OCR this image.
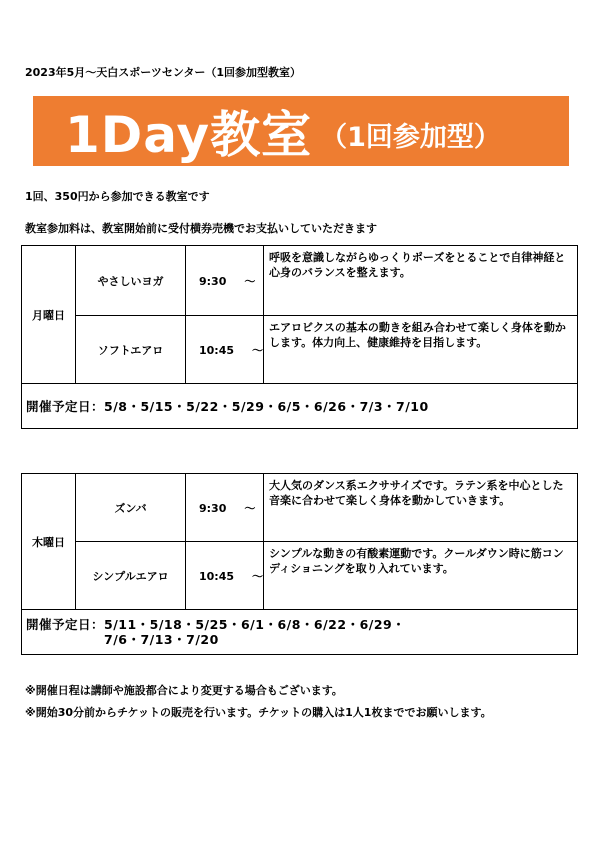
2023年5月～天白スポーツセンター（1回参加型教室）
1Day教室 （1回参加型）
1回、350円から参加できる教室です
教室参加料は、教室開始前に受付横券売機でお支払いしていただきます
月曜日	やさしいヨガ	9:30 ～	呼吸を意識しながらゆっくりポーズをとることで自律神経と心身のバランスを整えます。
	ソフトエアロ	10:45 ～	エアロビクスの基本の動きを組み合わせて楽しく身体を動かします。体力向上、健康維持を目指します。
開催予定日：5/8・5/15・5/22・5/29・6/5・6/26・7/3・7/10			
木曜日	ズンバ	9:30 ～	大人気のダンス系エクササイズです。ラテン系を中心とした音楽に合わせて楽しく身体を動かしていきます。
	シンプルエアロ	10:45 ～	シンプルな動きの有酸素運動です。クールダウン時に筋コンディショニングを取り入れています。
開催予定日：5/11・5/18・5/25・6/1・6/8・6/22・6/29・
7/6・7/13・7/20			
※開催日程は講師や施設都合により変更する場合もございます。
※開始30分前からチケットの販売を行います。チケットの購入は1人1枚まででお願いします。
